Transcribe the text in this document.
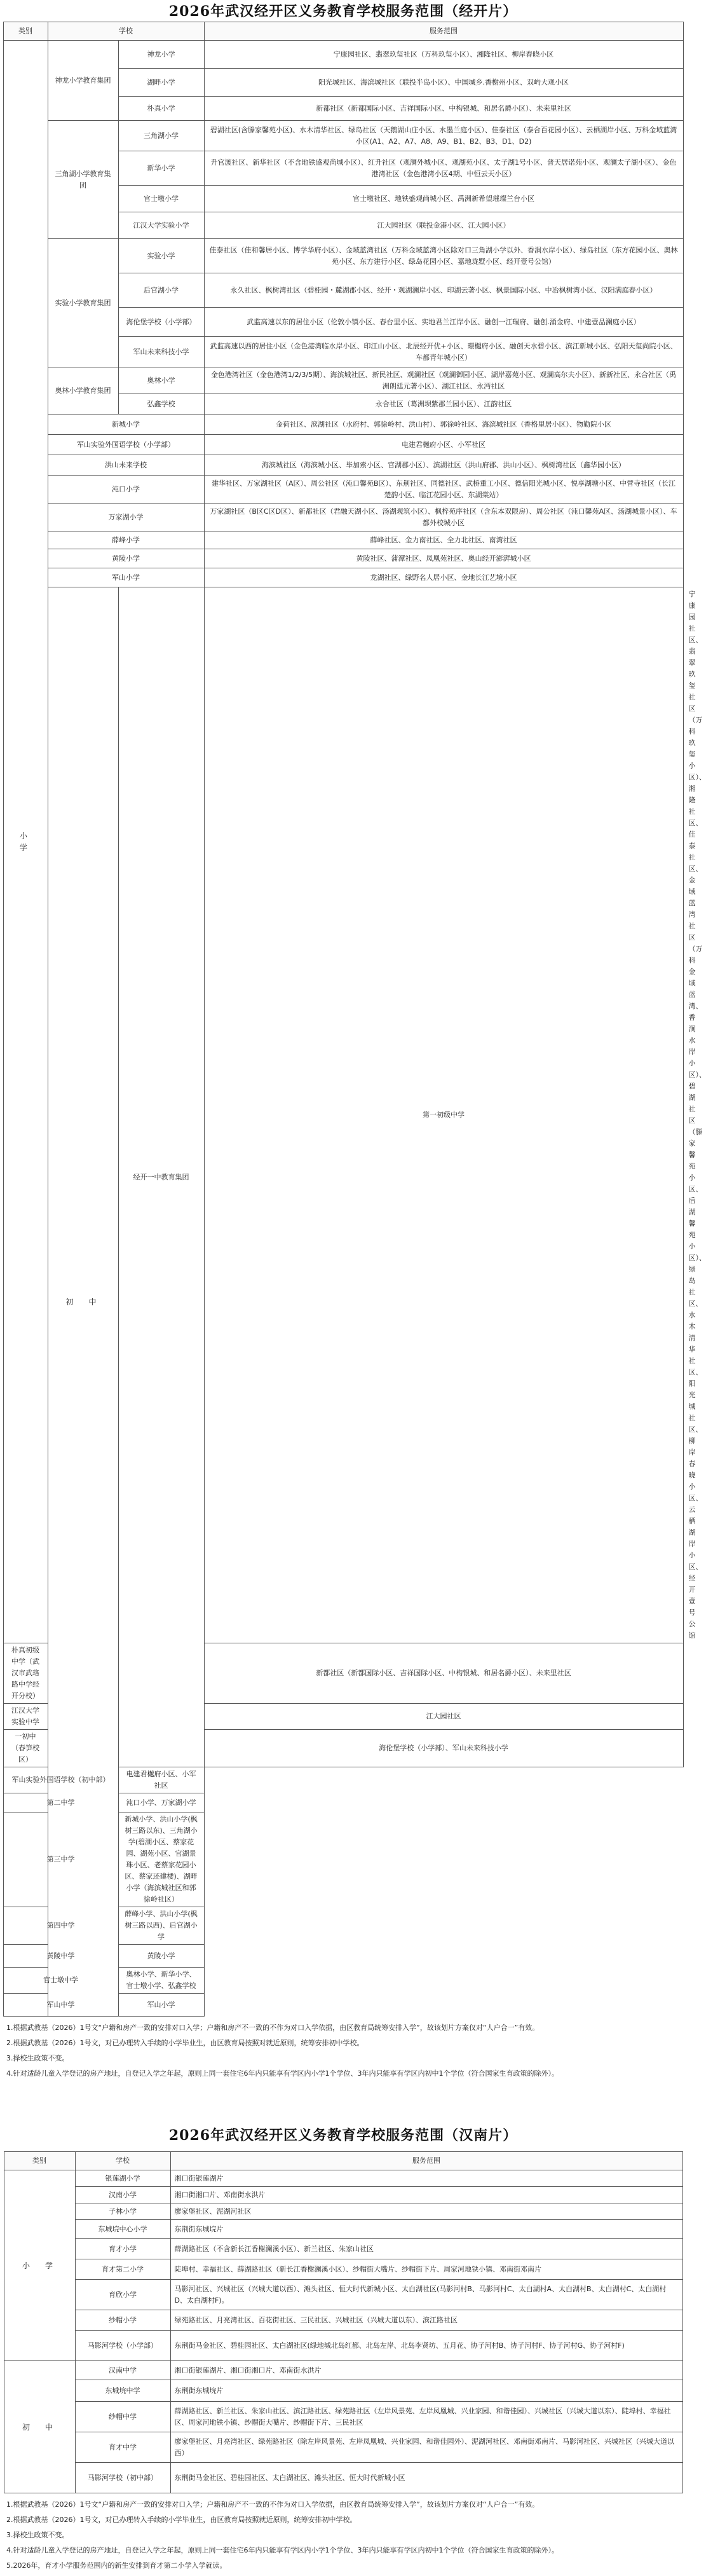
2026年武汉经开区义务教育学校服务范围（经开片）
类别	学校		服务范围	
小　学	神龙小学教育集团	神龙小学	宁康园社区、翡翠玖玺社区（万科玖玺小区）、湘隆社区、柳岸春晓小区	
		湖畔小学	阳光城社区、海滨城社区（联投半岛小区）、中国城乡.香榭州小区、双屿大观小区	
		朴真小学	新都社区（新都国际小区、吉祥国际小区、中构银城、和居名爵小区）、未来里社区	
	三角湖小学教育集团	三角湖小学	碧湖社区(含滕家馨苑小区)、水木清华社区、绿岛社区（天鹅湖山庄小区、水墨兰庭小区）、佳泰社区（泰合百花园小区）、云栖湖岸小区、万科金域蓝湾小区(A1、A2、A7、A8、A9、B1、B2、B3、D1、D2)	
		新华小学	升官渡社区、新华社区（不含地铁盛观尚城小区）、红升社区（观澜外城小区、观湖苑小区、太子湖1号小区、普天居诺苑小区、观澜太子湖小区）、金色港湾社区（金色港湾小区4期、中恒云天小区）	
		官士墩小学	官士墩社区、地铁盛观尚城小区、禹洲新希望璀璨兰台小区	
		江汉大学实验小学	江大园社区（联投金港小区、江大园小区）	
	实验小学教育集团	实验小学	佳泰社区（佳和馨居小区、博学华府小区）、金域蓝湾社区（万科金域蓝湾小区除对口三角湖小学以外、香涧水岸小区）、绿岛社区（东方花园小区、奥林苑小区、东方建行小区、绿岛花园小区、嘉地珑墅小区、经开壹号公馆）	
		后官湖小学	永久社区、枫树湾社区（碧桂园・麓湖郡小区、经开・观湖澜岸小区、印湖云著小区、枫景国际小区、中冶枫树湾小区、汉阳满庭春小区）	
		海伦堡学校（小学部）	武监高速以东的居住小区（伦敦小镇小区、春台里小区、实地君兰江岸小区、融创一江瑞府、融创.涌金府、中建壹品澜庭小区）	
		军山未来科技小学	武监高速以西的居住小区（金色港湾临水岸小区、印江山小区、北辰经开优+小区、璟樾府小区、融创天水碧小区、滨江新城小区、弘阳天玺尚院小区、车都青年城小区）	
	奥林小学教育集团	奥林小学	金色港湾社区（金色港湾1/2/3/5期）、海滨城社区、新民社区、观澜社区（观澜御园小区、湖岸嘉苑小区、观澜高尔夫小区）、新新社区、永合社区（禹洲朗廷元著小区）、湖江社区、永沔社区	
		弘鑫学校	永合社区（葛洲坝紫郡兰园小区）、江韵社区	
	新城小学		金荷社区、滨湖社区（水府村、郭徐岭村、洪山村）、郭徐岭社区、海滨城社区（香格里居小区）、物勤院小区	
	军山实验外国语学校（小学部）		电建君樾府小区、小军社区	
	洪山未来学校		海滨城社区（海滨城小区、毕加索小区、官湖郡小区）、滨湖社区（洪山府郡、洪山小区）、枫树湾社区（鑫华园小区）	
	沌口小学		建华社区、万家湖社区（A区）、周公社区（沌口馨苑B区）、东荆社区、同德社区、武桥重工小区、德信阳光城小区、悦享湖塘小区、中营寺社区（长江楚韵小区、临江花园小区、东湖棠站）	
	万家湖小学		万家湖社区（B区C区D区）、新都社区（君融天湖小区、汤湖观筑小区）、枫梓苑序社区（含东本双限房）、周公社区（沌口馨苑A区、汤湖城景小区）、车都外校城小区	
	薛峰小学		薛峰社区、金力南社区、全力北社区、南湾社区	
	黄陵小学		黄陵社区、蒲潭社区、凤凰苑社区、奥山经开澎湃城小区	
	军山小学		龙湖社区、绿野名人居小区、金地长江艺境小区	
	初　中	经开一中教育集团	第一初级中学	宁康园社区、翡翠玖玺社区（万科玖玺小区）、湘隆社区、佳泰社区、金域蓝湾社区（万科金域蓝湾、香涧水岸小区）、碧湖社区（滕家馨苑小区、后湖馨苑小区）、绿岛社区、水木清华社区、阳光城社区、柳岸春晓小区、云栖湖岸小区、经开壹号公馆
朴真初级中学（武汉市武珞路中学经开分校）			新都社区（新都国际小区、吉祥国际小区、中构银城、和居名爵小区）、未来里社区	
江汉大学实验中学			江大园社区	
一初中（春笋校区）			海伦堡学校（小学部）、军山未来科技小学	
军山实验外国语学校（初中部）		电建君樾府小区、小军社区		
第二中学		沌口小学、万家湖小学		
第三中学		新城小学、洪山小学(枫树三路以东)、三角湖小学(碧湖小区、蔡家花园、湖苑小区、官湖景珠小区、老蔡家花园小区、蔡家还建楼)、湖畔小学（海滨城社区和郭徐岭社区）		
第四中学		薛峰小学、洪山小学(枫树三路以西)、后官湖小学		
黄陵中学		黄陵小学		
官士墩中学		奥林小学、新华小学、官士墩小学、弘鑫学校		
军山中学		军山小学		

1.根据武教基（2026）1号文“户籍和房产一致的安排对口入学；户籍和房产不一致的不作为对口入学依据，由区教育局统筹安排入学”，故该划片方案仅对“人户合一”有效。

2.根据武教基（2026）1号文，对已办理转入手续的小学毕业生，由区教育局按照对就近原则，统筹安排初中学校。

3.择校生政策不变。

4.针对适龄儿童入学登记的房产地址，自登记入学之年起，原则上同一套住宅6年内只能享有学区内小学1个学位、3年内只能享有学区内初中1个学位（符合国家生育政策的除外）。

2026年武汉经开区义务教育学校服务范围（汉南片）
类别	学校	服务范围
小　学	银莲湖小学	湘口街银莲湖片
	汉南小学	湘口街湘口片、邓南街水洪片
	子林小学	廖家堡社区、泥湖河社区
	东城垸中心小学	东荆街东城垸片
	育才小学	薛湖路社区（不含新长江香榭澜溪小区）、新兰社区、朱家山社区
	育才第二小学	陡埠村、幸福社区、薛湖路社区（新长江香榭澜溪小区）、纱帽街大嘴片、纱帽街下片、周家河地铁小镇、邓南街邓南片
	育欣小学	马影河社区、兴城社区（兴城大道以西）、滩头社区、恒大时代新城小区、太白湖社区(马影河村B、马影河村C、太白湖村A、太白湖村B、太白湖村C、太白湖村D、太白湖村F)。
	纱帽小学	绿苑路社区、月亮湾社区、百花街社区、三民社区、兴城社区（兴城大道以东）、滨江路社区
	马影河学校（小学部）	东荆街马金社区、碧桂园社区、太白湖社区(绿地城北岛红都、北岛左岸、北岛李贤坊、五月花、协子河村B、协子河村F、协子河村G、协子河村F)
初　中	汉南中学	湘口街银莲湖片、湘口街湘口片、邓南街水洪片
	东城垸中学	东荆街东城垸片
	纱帽中学	薛湖路社区、新兰社区、朱家山社区、滨江路社区、绿苑路社区（左岸风景苑、左岸凤凰城、兴业家园、和谐佳园）、兴城社区（兴城大道以东）、陡埠村、幸福社区、周家河地铁小镇、纱帽街大嘴片、纱帽街下片、三民社区
	育才中学	廖家堡社区、月亮湾社区、绿苑路社区（除左岸风景苑、左岸凤凰城、兴业家园、和谐佳园外）、泥湖河社区、邓南街邓南片、马影河社区、兴城社区（兴城大道以西）
	马影河学校（初中部）	东荆街马金社区、碧桂园社区、太白湖社区、滩头社区、恒大时代新城小区

1.根据武教基（2026）1号文“户籍和房产一致的安排对口入学；户籍和房产不一致的不作为对口入学依据，由区教育局统筹安排入学”，故该划片方案仅对“人户合一”有效。

2.根据武教基（2026）1号文，对已办理转入手续的小学毕业生，由区教育局按照就近原则，统筹安排初中学校。

3.择校生政策不变。

4.针对适龄儿童入学登记的房产地址，自登记入学之年起，原则上同一套住宅6年内只能享有学区内小学1个学位、3年内只能享有学区内初中1个学位（符合国家生育政策的除外）。

5.2026年，育才小学服务范围内的新生安排到育才第二小学入学就读。
